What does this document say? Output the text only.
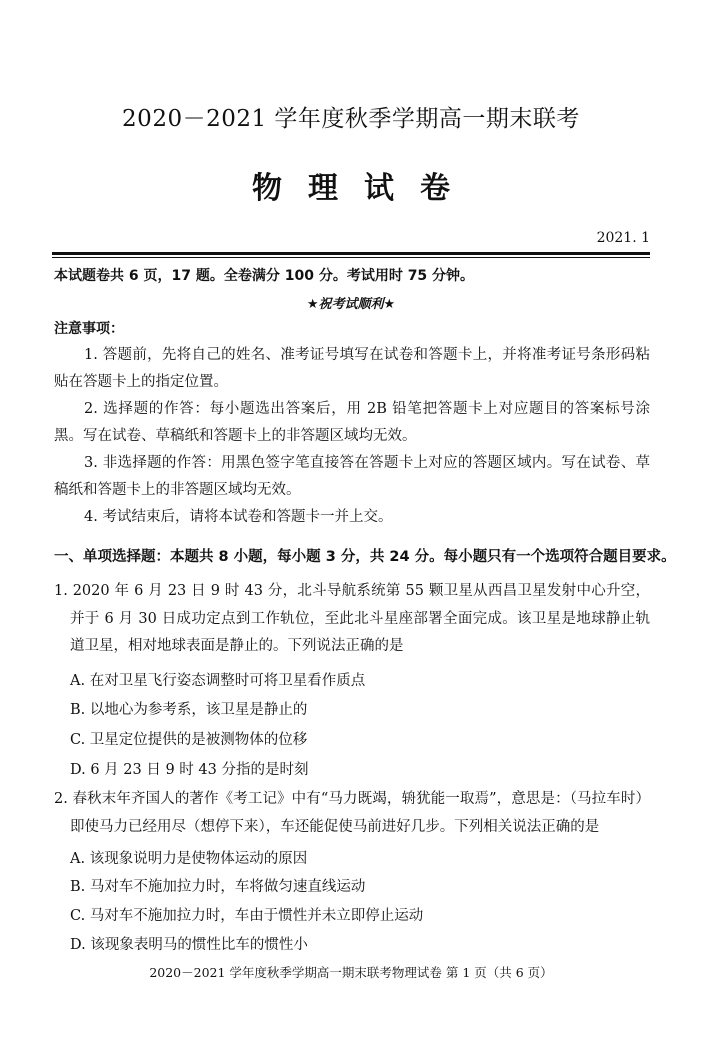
2020－2021 学年度秋季学期高一期末联考
物理试卷
2021. 1
本试题卷共 6 页，17 题。全卷满分 100 分。考试用时 75 分钟。
★祝考试顺利★
注意事项：

1. 答题前，先将自己的姓名、准考证号填写在试卷和答题卡上，并将准考证号条形码粘贴在答题卡上的指定位置。

2. 选择题的作答：每小题选出答案后，用 2B 铅笔把答题卡上对应题目的答案标号涂黑。写在试卷、草稿纸和答题卡上的非答题区域均无效。

3. 非选择题的作答：用黑色签字笔直接答在答题卡上对应的答题区域内。写在试卷、草稿纸和答题卡上的非答题区域均无效。

4. 考试结束后，请将本试卷和答题卡一并上交。

一、单项选择题：本题共 8 小题，每小题 3 分，共 24 分。每小题只有一个选项符合题目要求。

1. 2020 年 6 月 23 日 9 时 43 分，北斗导航系统第 55 颗卫星从西昌卫星发射中心升空，并于 6 月 30 日成功定点到工作轨位，至此北斗星座部署全面完成。该卫星是地球静止轨道卫星，相对地球表面是静止的。下列说法正确的是

A. 在对卫星飞行姿态调整时可将卫星看作质点
B. 以地心为参考系，该卫星是静止的
C. 卫星定位提供的是被测物体的位移
D. 6 月 23 日 9 时 43 分指的是时刻

2. 春秋末年齐国人的著作《考工记》中有“马力既竭，辀犹能一取焉”，意思是：（马拉车时）即使马力已经用尽（想停下来），车还能促使马前进好几步。下列相关说法正确的是

A. 该现象说明力是使物体运动的原因
B. 马对车不施加拉力时，车将做匀速直线运动
C. 马对车不施加拉力时，车由于惯性并未立即停止运动
D. 该现象表明马的惯性比车的惯性小
2020－2021 学年度秋季学期高一期末联考物理试卷 第 1 页（共 6 页）
